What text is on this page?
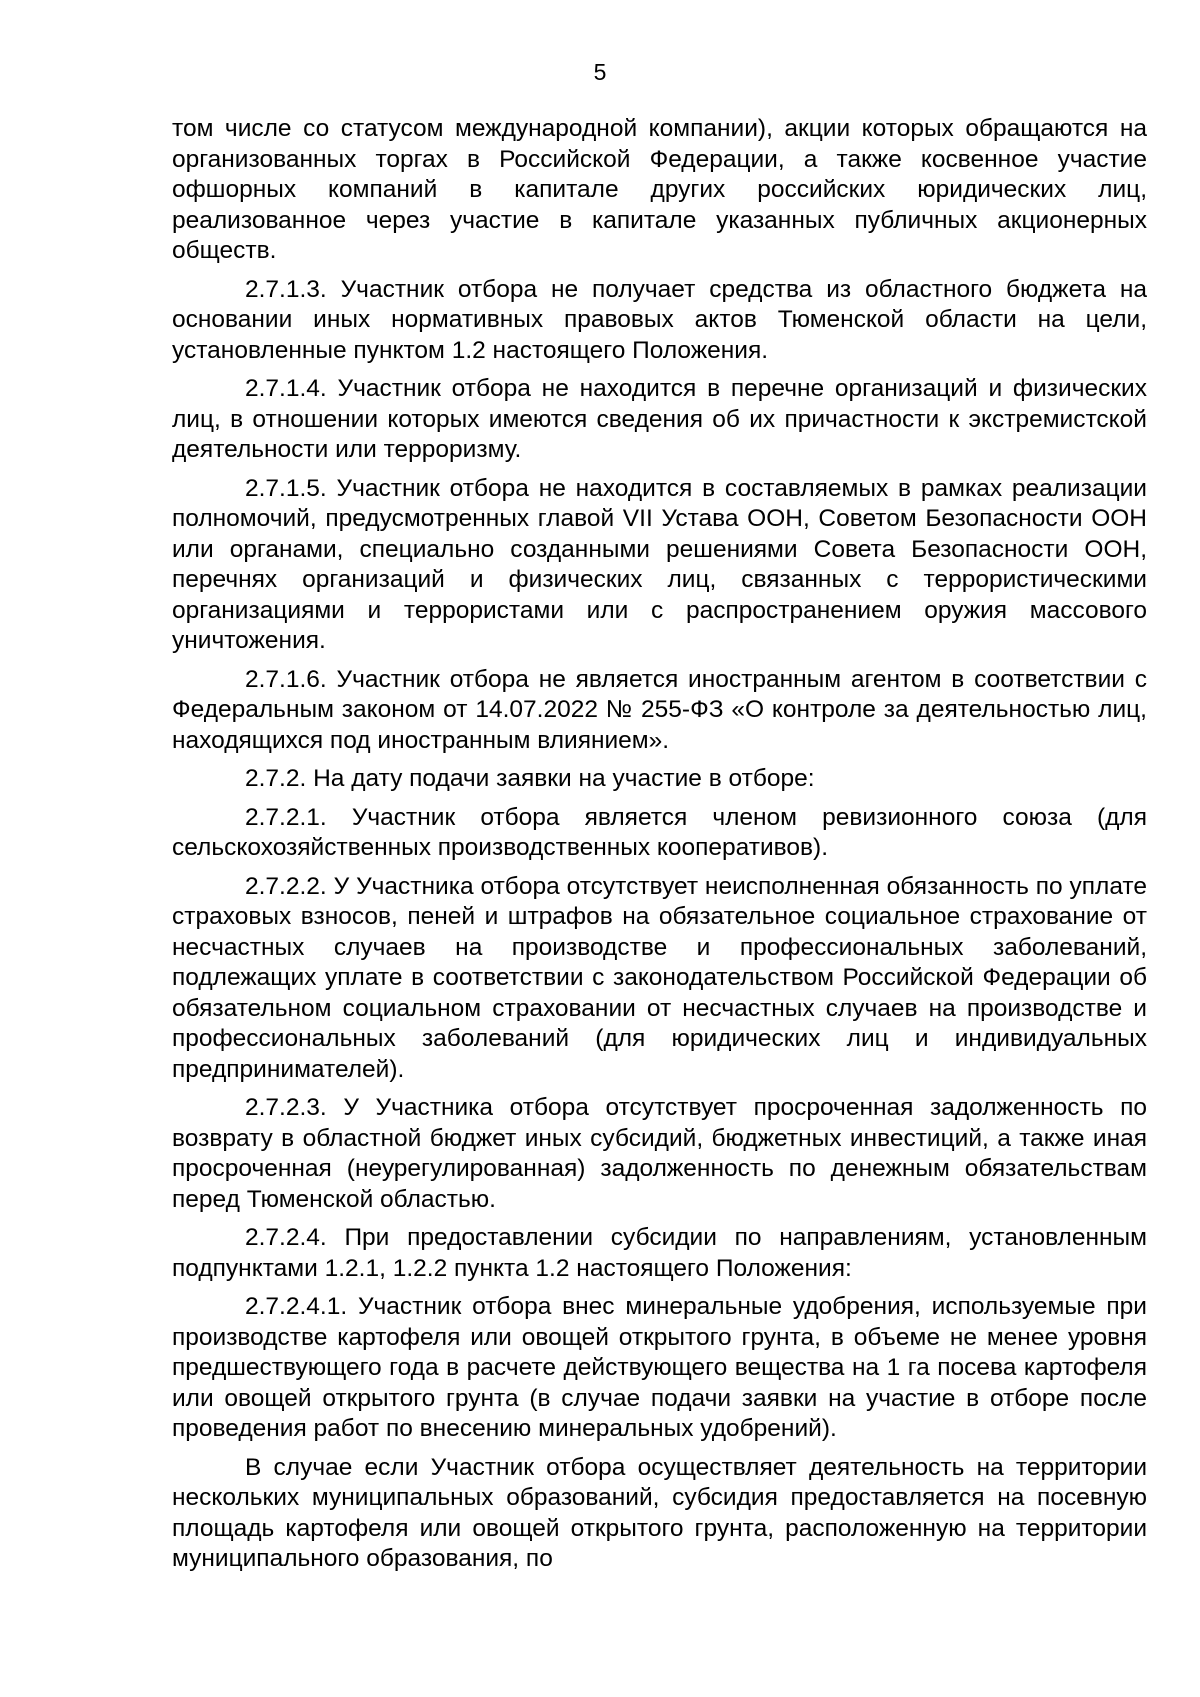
5

том числе со статусом международной компании), акции которых обращаются на организованных торгах в Российской Федерации, а также косвенное участие офшорных компаний в капитале других российских юридических лиц, реализованное через участие в капитале указанных публичных акционерных обществ.

2.7.1.3. Участник отбора не получает средства из областного бюджета на основании иных нормативных правовых актов Тюменской области на цели, установленные пунктом 1.2 настоящего Положения.

2.7.1.4. Участник отбора не находится в перечне организаций и физических лиц, в отношении которых имеются сведения об их причастности к экстремистской деятельности или терроризму.

2.7.1.5. Участник отбора не находится в составляемых в рамках реализации полномочий, предусмотренных главой VII Устава ООН, Советом Безопасности ООН или органами, специально созданными решениями Совета Безопасности ООН, перечнях организаций и физических лиц, связанных с террористическими организациями и террористами или с распространением оружия массового уничтожения.

2.7.1.6. Участник отбора не является иностранным агентом в соответствии с Федеральным законом от 14.07.2022 № 255-ФЗ «О контроле за деятельностью лиц, находящихся под иностранным влиянием».

2.7.2. На дату подачи заявки на участие в отборе:

2.7.2.1. Участник отбора является членом ревизионного союза (для сельскохозяйственных производственных кооперативов).

2.7.2.2. У Участника отбора отсутствует неисполненная обязанность по уплате страховых взносов, пеней и штрафов на обязательное социальное страхование от несчастных случаев на производстве и профессиональных заболеваний, подлежащих уплате в соответствии с законодательством Российской Федерации об обязательном социальном страховании от несчастных случаев на производстве и профессиональных заболеваний (для юридических лиц и индивидуальных предпринимателей).

2.7.2.3. У Участника отбора отсутствует просроченная задолженность по возврату в областной бюджет иных субсидий, бюджетных инвестиций, а также иная просроченная (неурегулированная) задолженность по денежным обязательствам перед Тюменской областью.

2.7.2.4. При предоставлении субсидии по направлениям, установленным подпунктами 1.2.1, 1.2.2 пункта 1.2 настоящего Положения:

2.7.2.4.1. Участник отбора внес минеральные удобрения, используемые при производстве картофеля или овощей открытого грунта, в объеме не менее уровня предшествующего года в расчете действующего вещества на 1 га посева картофеля или овощей открытого грунта (в случае подачи заявки на участие в отборе после проведения работ по внесению минеральных удобрений).

В случае если Участник отбора осуществляет деятельность на территории нескольких муниципальных образований, субсидия предоставляется на посевную площадь картофеля или овощей открытого грунта, расположенную на территории муниципального образования, по
